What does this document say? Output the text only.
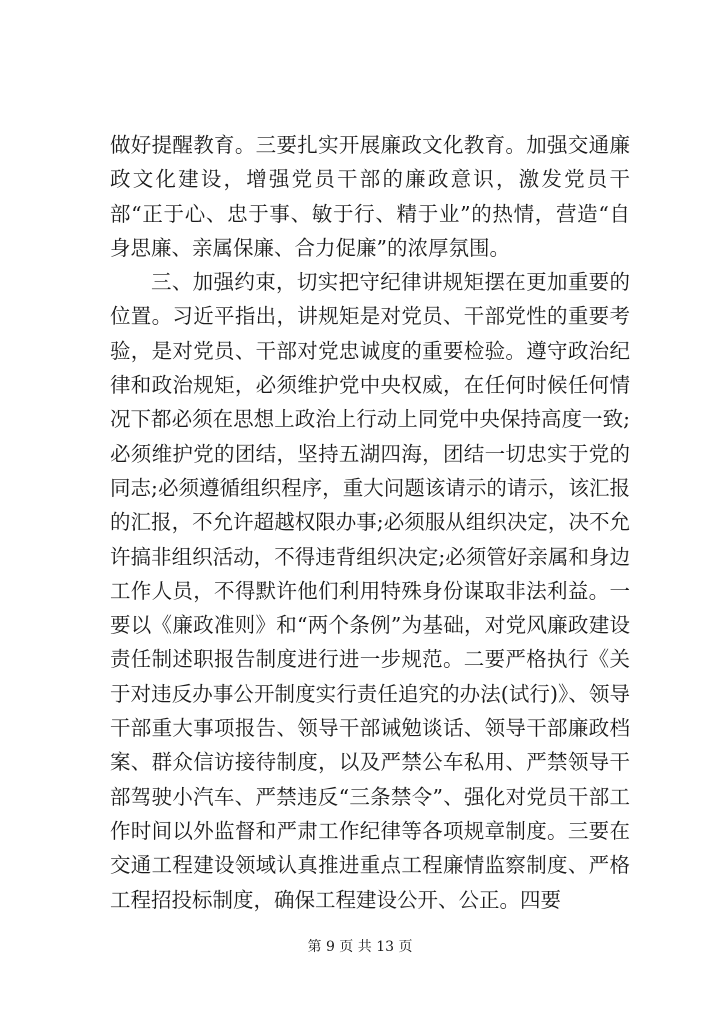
做好提醒教育。三要扎实开展廉政文化教育。加强交通廉政文化建设，增强党员干部的廉政意识，激发党员干部“正于心、忠于事、敏于行、精于业”的热情，营造“自身思廉、亲属保廉、合力促廉”的浓厚氛围。

三、加强约束，切实把守纪律讲规矩摆在更加重要的位置。习近平指出，讲规矩是对党员、干部党性的重要考验，是对党员、干部对党忠诚度的重要检验。遵守政治纪律和政治规矩，必须维护党中央权威，在任何时候任何情况下都必须在思想上政治上行动上同党中央保持高度一致;必须维护党的团结，坚持五湖四海，团结一切忠实于党的同志;必须遵循组织程序，重大问题该请示的请示，该汇报的汇报，不允许超越权限办事;必须服从组织决定，决不允许搞非组织活动，不得违背组织决定;必须管好亲属和身边工作人员，不得默许他们利用特殊身份谋取非法利益。一要以《廉政准则》和“两个条例”为基础，对党风廉政建设责任制述职报告制度进行进一步规范。二要严格执行《关于对违反办事公开制度实行责任追究的办法(试行)》、领导干部重大事项报告、领导干部诫勉谈话、领导干部廉政档案、群众信访接待制度，以及严禁公车私用、严禁领导干部驾驶小汽车、严禁违反“三条禁令”、强化对党员干部工作时间以外监督和严肃工作纪律等各项规章制度。三要在交通工程建设领域认真推进重点工程廉情监察制度、严格工程招投标制度，确保工程建设公开、公正。四要

第 9 页 共 13 页
